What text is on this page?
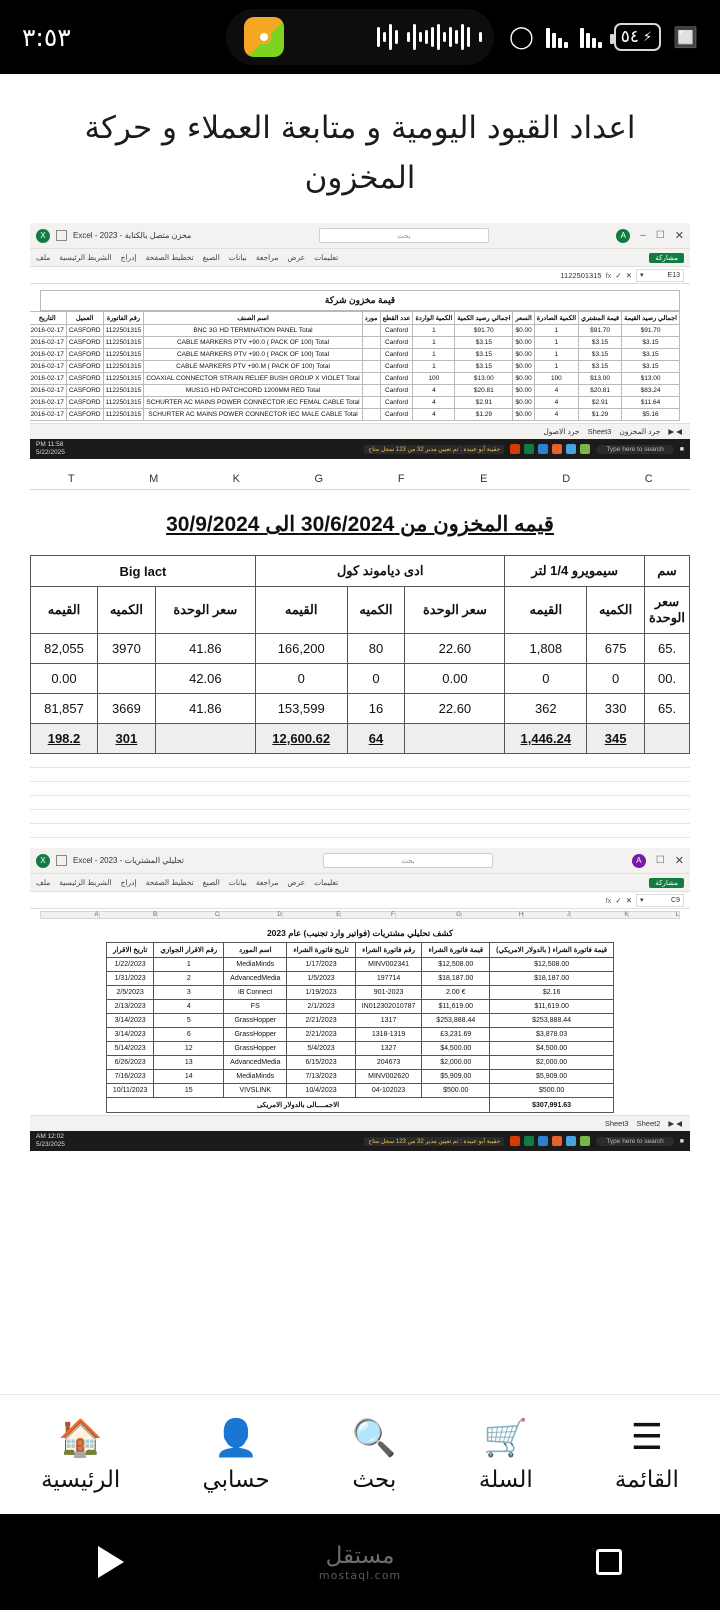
🔲
⚡
٥٤
◯
٣:٥٣
اعداد القيود اليومية و متابعة العملاء و حركة المخزون
✕
☐
–
A
بحث
مخزن متصل بالكتابة - 2023 - Excel
X
مشاركة
تعليمات
عرض
مراجعة
بيانات
الصيغ
تخطيط الصفحة
إدراج
الشريط الرئيسية
ملف
E13
▾
✕
✓
fx
1122501315
قيمة مخزون شركة
اجمالي رصيد القيمة	قيمة المشتري	الكمية الصادرة	السعر	اجمالي رصيد الكمية	الكمية الواردة	عدد القطع	مورد	اسم الصنف	رقم الفاتورة	العميل	التاريخ
$91.70	$91.70	1	$0.00	$91.70	1	Canford		BNC 3G HD TERMINATION PANEL Total	1122501315	CASFORD	2016-02-17
$3.15	$3.15	1	$0.00	$3.15	1	Canford		CABLE MARKERS PTV +90.0 ( PACK OF 100) Total	1122501315	CASFORD	2016-02-17
$3.15	$3.15	1	$0.00	$3.15	1	Canford		CABLE MARKERS PTV +90.0 ( PACK OF 100) Total	1122501315	CASFORD	2016-02-17
$3.15	$3.15	1	$0.00	$3.15	1	Canford		CABLE MARKERS PTV +90.M ( PACK OF 100) Total	1122501315	CASFORD	2016-02-17
$13.00	$13.00	100	$0.00	$13.00	100	Canford		COAXIAL CONNECTOR STRAIN RELIEF BUSH GROUP X VIOLET Total	1122501315	CASFORD	2016-02-17
$83.24	$20.81	4	$0.00	$20.81	4	Canford		MUS1G HD PATCHCORD 1200MM RED Total	1122501315	CASFORD	2016-02-17
$11.64	$2.91	4	$0.00	$2.91	4	Canford		SCHURTER AC MAINS POWER CONNECTOR IEC FEMAL CABLE Total	1122501315	CASFORD	2016-02-17
$5.16	$1.29	4	$0.00	$1.29	4	Canford		SCHURTER AC MAINS POWER CONNECTOR IEC MALE CABLE Total	1122501315	CASFORD	2016-02-17
◀ ▶
جرد المخزون
Sheet3
جرد الاصول
■
Type here to search
حقيبة أبو عبيدة : تم تعيين مدير 32 من 123 سجل متاح
11:58 PM
5/22/2025
C
D
E
F
G
K
M
T
قيمه المخزون من 30/6/2024 الى 30/9/2024
سم	سيمويرو 1/4 لتر		ادى دياموند كول			Big lact		
سعر الوحدة	الكميه	القيمه	سعر الوحدة	الكميه	القيمه	سعر الوحدة	الكميه	القيمه
.65	675	1,808	22.60	80	166,200	41.86	3970	82,055
.00	0	0	0.00	0	0	42.06		0.00
.65	330	362	22.60	16	153,599	41.86	3669	81,857
	345	1,446.24		64	12,600.62		301	198.2
✕
☐
A
بحث
تحليلي المشتريات - 2023 - Excel
X
مشاركة
تعليمات
عرض
مراجعة
بيانات
الصيغ
تخطيط الصفحة
إدراج
الشريط الرئيسية
ملف
C9
▾
✕
✓
fx
L	K	J	H	G	F	E	D	C	B	A
كشف تحليلي مشتريات (فواتير وارد تجنيب) عام 2023
قيمة فاتورة الشراء ( بالدولار الامريكي)	قيمة فاتورة الشراء	رقم فاتورة الشراء	تاريخ فاتورة الشراء	اسم المورد	رقم الاقرار الجوازي	تاريخ الاقرار
$12,508.00	$12,508.00	MINV002341	1/17/2023	MediaMinds	1	1/22/2023
$18,187.00	$18,187.00	197714	1/5/2023	AdvancedMedia	2	1/31/2023
$2.16	€ 2.00	901-2023	1/19/2023	iB Connect	3	2/5/2023
$11,619.00	$11,619.00	IN012302010787	2/1/2023	FS	4	2/13/2023
$253,888.44	$253,888.44	1317	2/21/2023	GrassHopper	5	3/14/2023
$3,878.03	£3,231.69	1318-1319	2/21/2023	GrassHopper	6	3/14/2023
$4,500.00	$4,500.00	1327	5/4/2023	GrassHopper	12	5/14/2023
$2,000.00	$2,000.00	204673	6/15/2023	AdvancedMedia	13	6/26/2023
$5,909.00	$5,909.00	MINV002620	7/13/2023	MediaMinds	14	7/16/2023
$500.00	$500.00	04-102023	10/4/2023	VIVSLINK	15	10/11/2023
$307,991.63	الاجمــــالى بالدولار الامريكى					
◀ ▶
Sheet2
Sheet3
■
Type here to search
حقيبة أبو عبيدة : تم تعيين مدير 32 من 123 سجل متاح
12:02 AM
5/23/2025
☰
القائمة
🛒
السلة
🔍
بحث
👤
حسابي
🏠
الرئيسية
مستقل
mostaql.com
